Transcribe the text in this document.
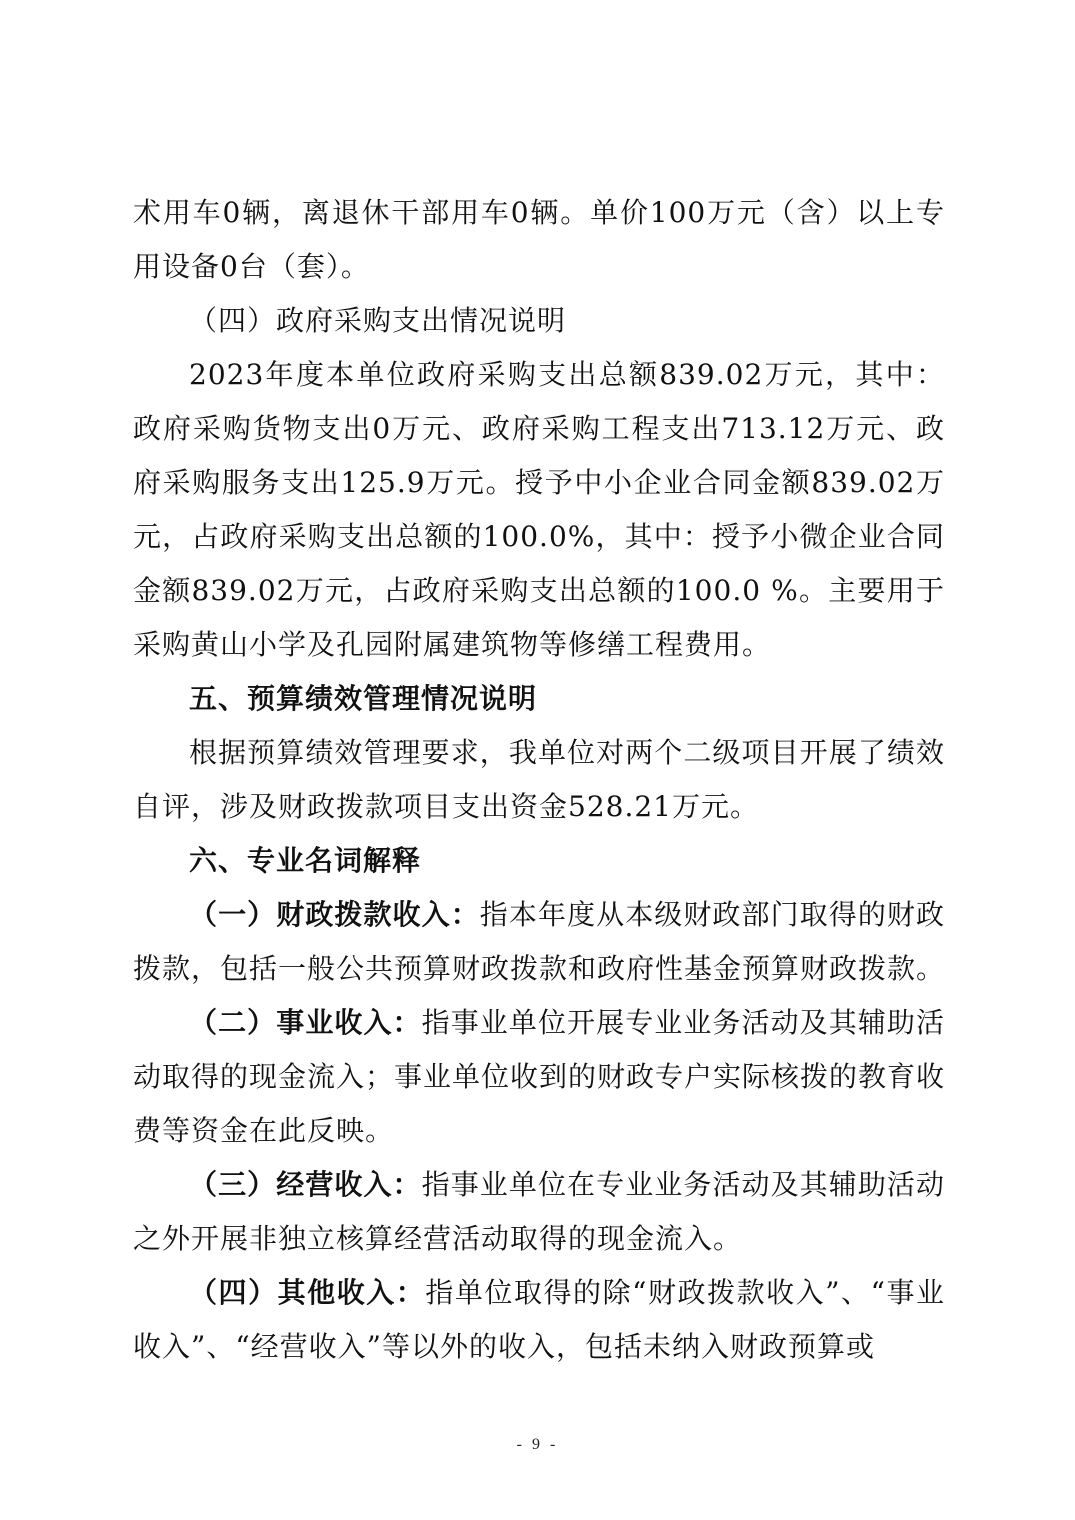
术用车0辆，离退休干部用车0辆。单价100万元（含）以上专用设备0台（套）。

（四）政府采购支出情况说明

2023年度本单位政府采购支出总额839.02万元，其中：政府采购货物支出0万元、政府采购工程支出713.12万元、政府采购服务支出125.9万元。授予中小企业合同金额839.02万元，占政府采购支出总额的100.0%，其中：授予小微企业合同金额839.02万元，占政府采购支出总额的100.0 %。主要用于采购黄山小学及孔园附属建筑物等修缮工程费用。

五、预算绩效管理情况说明

根据预算绩效管理要求，我单位对两个二级项目开展了绩效自评，涉及财政拨款项目支出资金528.21万元。

六、专业名词解释

（一）财政拨款收入：指本年度从本级财政部门取得的财政拨款，包括一般公共预算财政拨款和政府性基金预算财政拨款。

（二）事业收入：指事业单位开展专业业务活动及其辅助活动取得的现金流入；事业单位收到的财政专户实际核拨的教育收费等资金在此反映。

（三）经营收入：指事业单位在专业业务活动及其辅助活动之外开展非独立核算经营活动取得的现金流入。

（四）其他收入：指单位取得的除“财政拨款收入”、“事业收入”、“经营收入”等以外的收入，包括未纳入财政预算或

- 9 -
